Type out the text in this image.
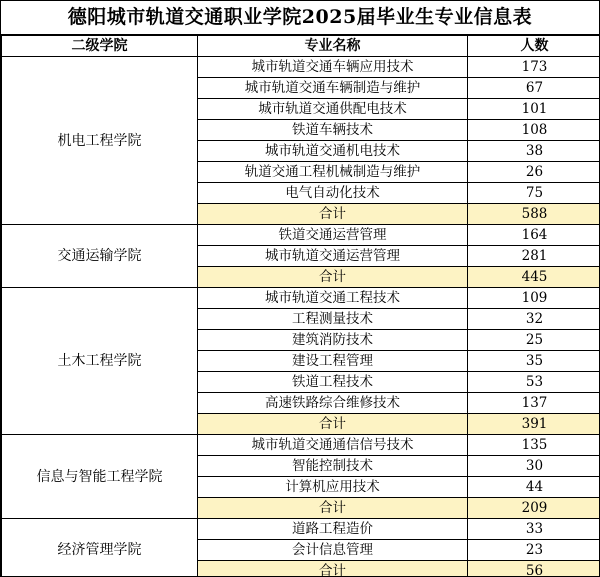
德阳城市轨道交通职业学院2025届毕业生专业信息表
二级学院	专业名称	人数
机电工程学院	城市轨道交通车辆应用技术	173
	城市轨道交通车辆制造与维护	67
	城市轨道交通供配电技术	101
	铁道车辆技术	108
	城市轨道交通机电技术	38
	轨道交通工程机械制造与维护	26
	电气自动化技术	75
	合计	588
交通运输学院	铁道交通运营管理	164
	城市轨道交通运营管理	281
	合计	445
土木工程学院	城市轨道交通工程技术	109
	工程测量技术	32
	建筑消防技术	25
	建设工程管理	35
	铁道工程技术	53
	高速铁路综合维修技术	137
	合计	391
信息与智能工程学院	城市轨道交通通信信号技术	135
	智能控制技术	30
	计算机应用技术	44
	合计	209
经济管理学院	道路工程造价	33
	会计信息管理	23
	合计	56
